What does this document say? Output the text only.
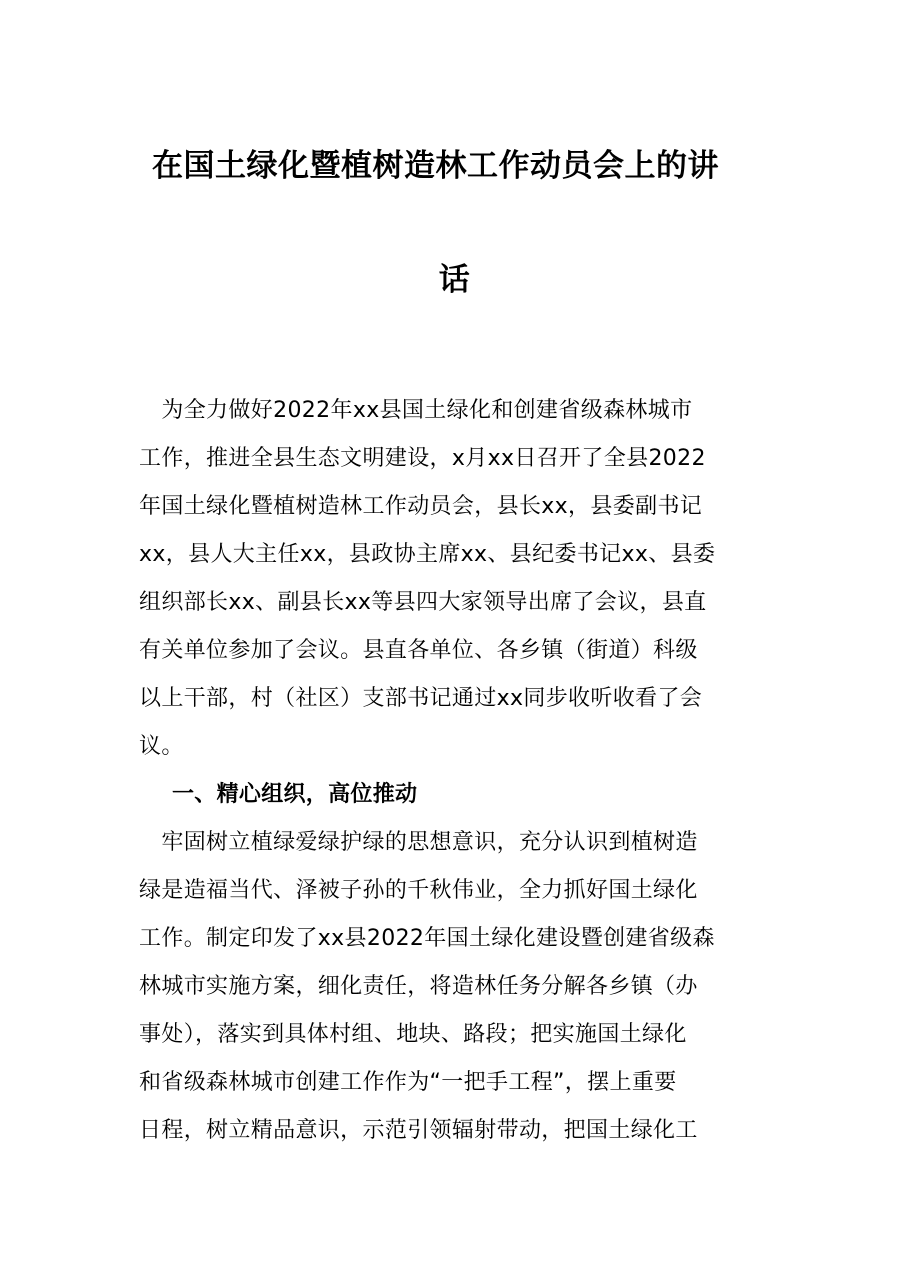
在国土绿化暨植树造林工作动员会上的讲
话
　为全力做好2022年xx县国土绿化和创建省级森林城市
工作，推进全县生态文明建设，x月xx日召开了全县2022
年国土绿化暨植树造林工作动员会，县长xx，县委副书记
xx，县人大主任xx，县政协主席xx、县纪委书记xx、县委
组织部长xx、副县长xx等县四大家领导出席了会议，县直
有关单位参加了会议。县直各单位、各乡镇（街道）科级
以上干部，村（社区）支部书记通过xx同步收听收看了会
议。
一、精心组织，高位推动
　牢固树立植绿爱绿护绿的思想意识，充分认识到植树造
绿是造福当代、泽被子孙的千秋伟业，全力抓好国土绿化
工作。制定印发了xx县2022年国土绿化建设暨创建省级森
林城市实施方案，细化责任，将造林任务分解各乡镇（办
事处），落实到具体村组、地块、路段；把实施国土绿化
和省级森林城市创建工作作为“一把手工程”，摆上重要
日程，树立精品意识，示范引领辐射带动，把国土绿化工
